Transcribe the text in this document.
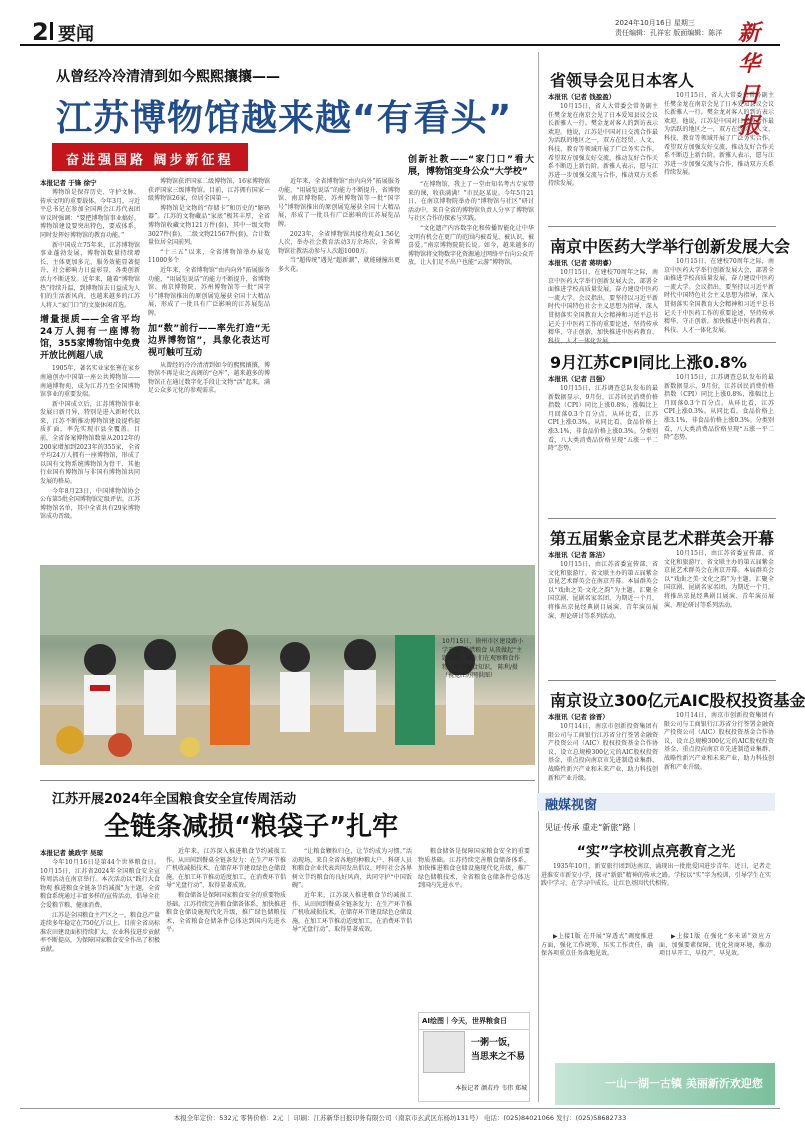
2 要闻
2024年10月16日 星期三
责任编辑：孔祥宏 版面编辑：陈洋 新华日报
从曾经冷冷清清到如今熙熙攘攘——
江苏博物馆越来越“有看头”
奋进强国路 阔步新征程
本报记者 于锋 徐宁
博物馆是保存历史、守护文脉、传承文明的重要载体。今年3月，习近平总书记在参加全国两会江苏代表团审议时强调：“要把博物馆事业搞好，博物馆建设要突出特色，要成体系，同时发挥好博物馆的教育功能。”
新中国成立75年来，江苏博物馆事业蓬勃发展，博物馆数量持续增长，主体更加多元，服务效能显著提升，社会影响力日益彰显，各类创新活力不断迸发。近年来，随着“博物馆热”持续升温，到博物馆去日益成为人们的生活新风尚，也越来越多的江苏人将人“家门口”的文旅休闲首选。
增量提质——全省平均24万人拥有一座博物馆，355家博物馆中免费开放比例超八成
1905年，著名实业家张謇在家乡南通创办中国第一座公共博物馆——南通博物苑，成为江苏乃至全国博物馆事业的重要发端。
新中国成立后，江苏博物馆事业发展日新月异，特别是进入新时代以来，江苏不断推动博物馆建设提档提质扩面，率先实现市县全覆盖。目前，全省备案博物馆数量从2012年的200家增加到2023年的355家，全省平均24万人拥有一座博物馆，形成了以国有文物系统博物馆为骨干、其他行业国有博物馆与非国有博物馆共同发展的格局。
今年8月23日，中国博物馆协会公布第5批全国博物馆定级评估，江苏博物馆名单，其中全省共有29家博物馆成功晋级。
博物馆获评国家二级博物馆，16家博物馆获评国家三级博物馆。目前，江苏拥有国家一级博物馆26家，位居全国第一。
博物馆是文物的“存储卡”和历史的“解码器”。江苏的文物藏品“家底”极其丰厚，全省博物馆收藏文物121万件(套)，其中一级文物3027件(套)，二级文物21567件(套)，合计数量位居全国前列。
“十三五”以来，全省博物馆举办展览11000多个
近年来，全省博物馆“由内向外”拓展服务功能，“用展览说话”的能力不断提升，省博物馆、南京博物院、苏州博物馆等一批“国字号”博物馆推出的原创展览屡获全国十大精品展，形成了一批具有广泛影响的江苏展览品牌。
加“数”前行——率先打造“无边界博物馆”，具象化表达可视可触可互动
从曾经的冷冷清清到如今的熙熙攘攘，博物馆不再是束之高阁的“仓库”，越来越多的博物馆正在通过数字化手段让文物“活”起来，满足公众多元化的参观需求。
近年来，全省博物馆“由内向外”拓展服务功能，“用展览说话”的能力不断提升，省博物馆、南京博物院、苏州博物馆等一批“国字号”博物馆推出的原创展览屡获全国十大精品展，形成了一批具有广泛影响的江苏展览品牌。
2023年，全省博物馆共接待观众1.56亿人次，举办社会教育活动3万余场次，全省博物馆社教活动参与人次超1000万。
当“超传统”遇见“超新潮”，就能碰撞出更多火花。
创新社教——“家门口”看大展，博物馆变身公众“大学校”
“在博物馆，我上了一堂由知名考古专家带来的课，收获满满！”市民赵某说。今年5月21日，在南京博物院举办的“博物馆与社区”研讨活动中，来自全省的博物馆负责人分享了博物馆与社区合作的探索与实践。
“文化遗产内容数字化和传播智能化让中华文明有机会在更广的范围内被看见、被认识、被喜爱。”南京博物院院长说。如今，越来越多的博物馆将文物数字化资源通过网络平台向公众开放，让人们足不出户也能“云游”博物馆。
10月15日，徐州市区建设路小学开展“爱惜粮食 从我做起”主题活动。师生们在观察粮食作物，学习粮食知识。 陈利/摄（视觉江苏网供图）
江苏开展2024年全国粮食安全宣传周活动
全链条减损“粮袋子”扎牢
本报记者 姚政宇 吴琼
今年10月16日是第44个世界粮食日。10月15日，江苏省2024年全国粮食安全宣传周活动在南京举行。本次活动以“践行大食物观 推进粮食全链条节约减损”为主题，全省粮食系统通过丰富多样的宣传活动，倡导全社会爱粮节粮、健康消费。
江苏是全国粮食主产区之一，粮食总产量连续多年稳定在750亿斤以上。目前全省高标准农田建设面积持续扩大，农业科技进步贡献率不断提高，为保障国家粮食安全作出了积极贡献。
近年来，江苏深入推进粮食节约减损工作，从田间到餐桌全链条发力：在生产环节推广机收减损技术，在储存环节建设绿色仓储设施，在加工环节推动适度加工，在消费环节倡导“光盘行动”，取得显著成效。
粮食储备是保障国家粮食安全的重要物质基础。江苏持续完善粮食储备体系，加快推进粮食仓储设施现代化升级，推广绿色储粮技术，全省粮食仓储条件总体达到国内先进水平。
“让粮食颗粒归仓，让节约成为习惯。”活动现场，来自全省各地的种粮大户、科研人员和粮食企业代表共同发出倡议，呼吁社会各界树立节约粮食的良好风尚，共同守护“中国饭碗”。
近年来，江苏深入推进粮食节约减损工作，从田间到餐桌全链条发力：在生产环节推广机收减损技术，在储存环节建设绿色仓储设施，在加工环节推动适度加工，在消费环节倡导“光盘行动”，取得显著成效。
粮食储备是保障国家粮食安全的重要物质基础。江苏持续完善粮食储备体系，加快推进粮食仓储设施现代化升级，推广绿色储粮技术，全省粮食仓储条件总体达到国内先进水平。
AI绘图｜今天，世界粮食日
一粥一饭，
当思来之不易
本报记者 颜若玲 韦伟 郑城
省领导会见日本客人
本报讯（记者 钱盈盈）
10月15日，省人大常委会常务副主任樊金龙在南京会见了日本爱知县议会议长新雅人一行。樊金龙对客人的到访表示欢迎。他说，江苏是中国对日交流合作最为活跃的地区之一，双方在经贸、人文、科技、教育等领域开展了广泛务实合作，希望双方加强友好交流，推动友好合作关系不断迈上新台阶。新雅人表示，愿与江苏进一步加强交流与合作，推动双方关系持续发展。
10月15日，省人大常委会常务副主任樊金龙在南京会见了日本爱知县议会议长新雅人一行。樊金龙对客人的到访表示欢迎。他说，江苏是中国对日交流合作最为活跃的地区之一，双方在经贸、人文、科技、教育等领域开展了广泛务实合作，希望双方加强友好交流，推动友好合作关系不断迈上新台阶。新雅人表示，愿与江苏进一步加强交流与合作，推动双方关系持续发展。
南京中医药大学举行创新发展大会
本报讯（记者 蒋明睿）
10月15日，在建校70周年之际，南京中医药大学举行创新发展大会，部署全面推进学校高质量发展，奋力建设中医药一流大学。会议指出，要坚持以习近平新时代中国特色社会主义思想为指导，深入贯彻落实全国教育大会精神和习近平总书记关于中医药工作的重要论述，坚持传承精华、守正创新，加快推进中医药教育、
10月15日，在建校70周年之际，南京中医药大学举行创新发展大会，部署全面推进学校高质量发展，奋力建设中医药一流大学。会议指出，要坚持以习近平新时代中国特色社会主义思想为指导，深入贯彻落实全国教育大会精神和习近平总书记关于中医药工作的重要论述，坚持传承精华、守正创新，加快推进中医药教育、科技、人才一体化发展。
9月江苏CPI同比上涨0.8%
本报讯（记者 吕强）
10月15日，江苏调查总队发布的最新数据显示，9月份，江苏居民消费价格指数（CPI）同比上涨0.8%，涨幅比上月回落0.3个百分点。从环比看，江苏CPI上涨0.3%。从同比看，食品价格上涨3.1%，非食品价格上涨0.3%。分类别看，八大类消费品价格呈现“五涨一平二降”态势。
10月15日，江苏调查总队发布的最新数据显示，9月份，江苏居民消费价格指数（CPI）同比上涨0.8%，涨幅比上月回落0.3个百分点。从环比看，江苏CPI上涨0.3%。从同比看，食品价格上涨3.1%，非食品价格上涨0.3%。分类别看，八大类消费品价格呈现“五涨一平二降”态势。
第五届紫金京昆艺术群英会开幕
本报讯（记者 陈洁）
10月15日，由江苏省委宣传部、省文化和旅游厅、省文联主办的第五届紫金京昆艺术群英会在南京开幕。本届群英会以“戏曲之美·文化之韵”为主题，汇聚全国京剧、昆剧名家名团，为期近一个月，将推出京昆经典剧目展演、青年演员展演、理论研讨等系列活动。
10月15日，由江苏省委宣传部、省文化和旅游厅、省文联主办的第五届紫金京昆艺术群英会在南京开幕。本届群英会以“戏曲之美·文化之韵”为主题，汇聚全国京剧、昆剧名家名团，为期近一个月，将推出京昆经典剧目展演、青年演员展演、理论研讨等系列活动。
南京设立300亿元AIC股权投资基金
本报讯（记者 徐晋）
10月14日，南京市创新投资集团有限公司与工商银行江苏省分行签署金融资产投资公司（AIC）股权投资基金合作协议，设立总规模300亿元的AIC股权投资基金，重点投向南京市先进制造业集群、战略性新兴产业和未来产业，助力科技创新和产业升级。
10月14日，南京市创新投资集团有限公司与工商银行江苏省分行签署金融资产投资公司（AIC）股权投资基金合作协议，设立总规模300亿元的AIC股权投资基金，重点投向南京市先进制造业集群、战略性新兴产业和未来产业，助力科技创新和产业升级。
融媒视窗
见证·传承 重走“新旅”路｜
“实”字校训点亮教育之光
1935年10月，新安旅行团到达南京，涌现出一批批爱国进步青年。近日，记者走进淮安市新安小学，探寻“新旅”精神的传承之路。学校以“实”字为校训，引导学生在实践中学习、在学习中成长，让红色基因代代相传。
▶上接1版 在开展“穿透式”调度推进方面，强化工作统筹，压实工作责任，确保各项重点任务落地见效。
▶上接1版 在强化“多米诺”效应方面，加强要素保障，优化营商环境，推动项目早开工、早投产、早见效。
一山一湖一古镇 美丽新沂欢迎您
本报全年定价：532元 零售价格：2元 ｜ 印刷：江苏新华日报印务有限公司（南京市玄武区东杨坊131号） 电话：(025)84021066 发行：(025)58682733
